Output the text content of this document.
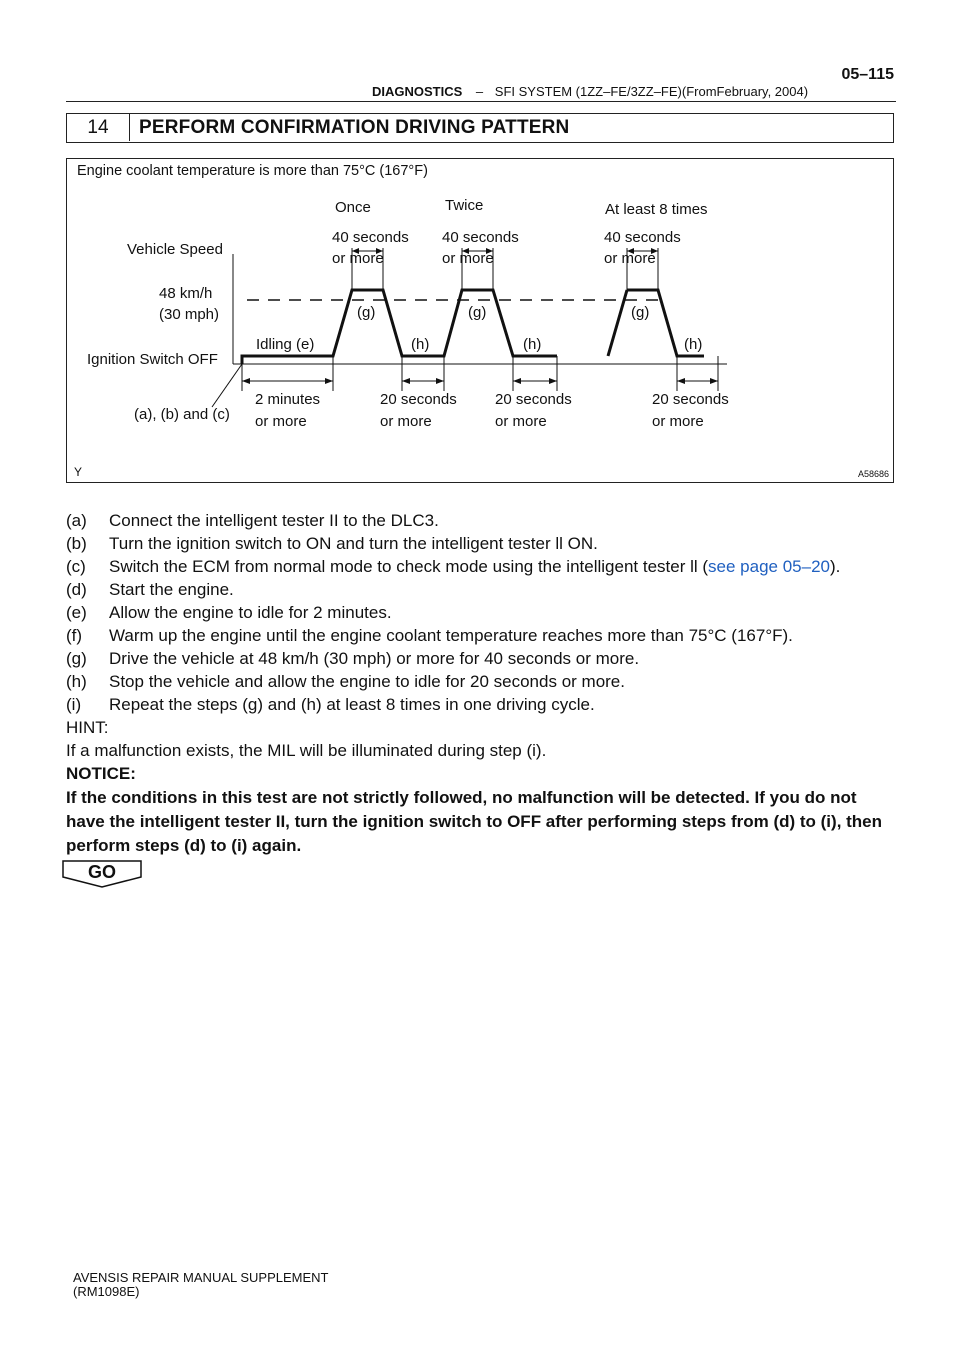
05–115
DIAGNOSTICS – SFI SYSTEM (1ZZ–FE/3ZZ–FE)(FromFebruary, 2004)
14	PERFORM CONFIRMATION DRIVING PATTERN
Engine coolant temperature is more than 75°C (167°F)
Once	Twice	At least 8 times
40 seconds
or more
40 seconds
or more
40 seconds
or more
Vehicle Speed
48 km/h
(30 mph)
Ignition Switch OFF
(a), (b) and (c)
Idling (e)
(g)	(g)	(g)
(h)	(h)	(h)
2 minutes
or more
20 seconds
or more
20 seconds
or more
20 seconds
or more
Y	A58686
(a) Connect the intelligent tester II to the DLC3.
(b) Turn the ignition switch to ON and turn the intelligent tester ll ON.
(c) Switch the ECM from normal mode to check mode using the intelligent tester ll (see page 05–20).
(d) Start the engine.
(e) Allow the engine to idle for 2 minutes.
(f) Warm up the engine until the engine coolant temperature reaches more than 75°C (167°F).
(g) Drive the vehicle at 48 km/h (30 mph) or more for 40 seconds or more.
(h) Stop the vehicle and allow the engine to idle for 20 seconds or more.
(i) Repeat the steps (g) and (h) at least 8 times in one driving cycle.
HINT:
If a malfunction exists, the MIL will be illuminated during step (i).
NOTICE:
If the conditions in this test are not strictly followed, no malfunction will be detected. If you do not
have the intelligent tester II, turn the ignition switch to OFF after performing steps from (d) to (i), then
perform steps (d) to (i) again.
GO
AVENSIS REPAIR MANUAL SUPPLEMENT
(RM1098E)
